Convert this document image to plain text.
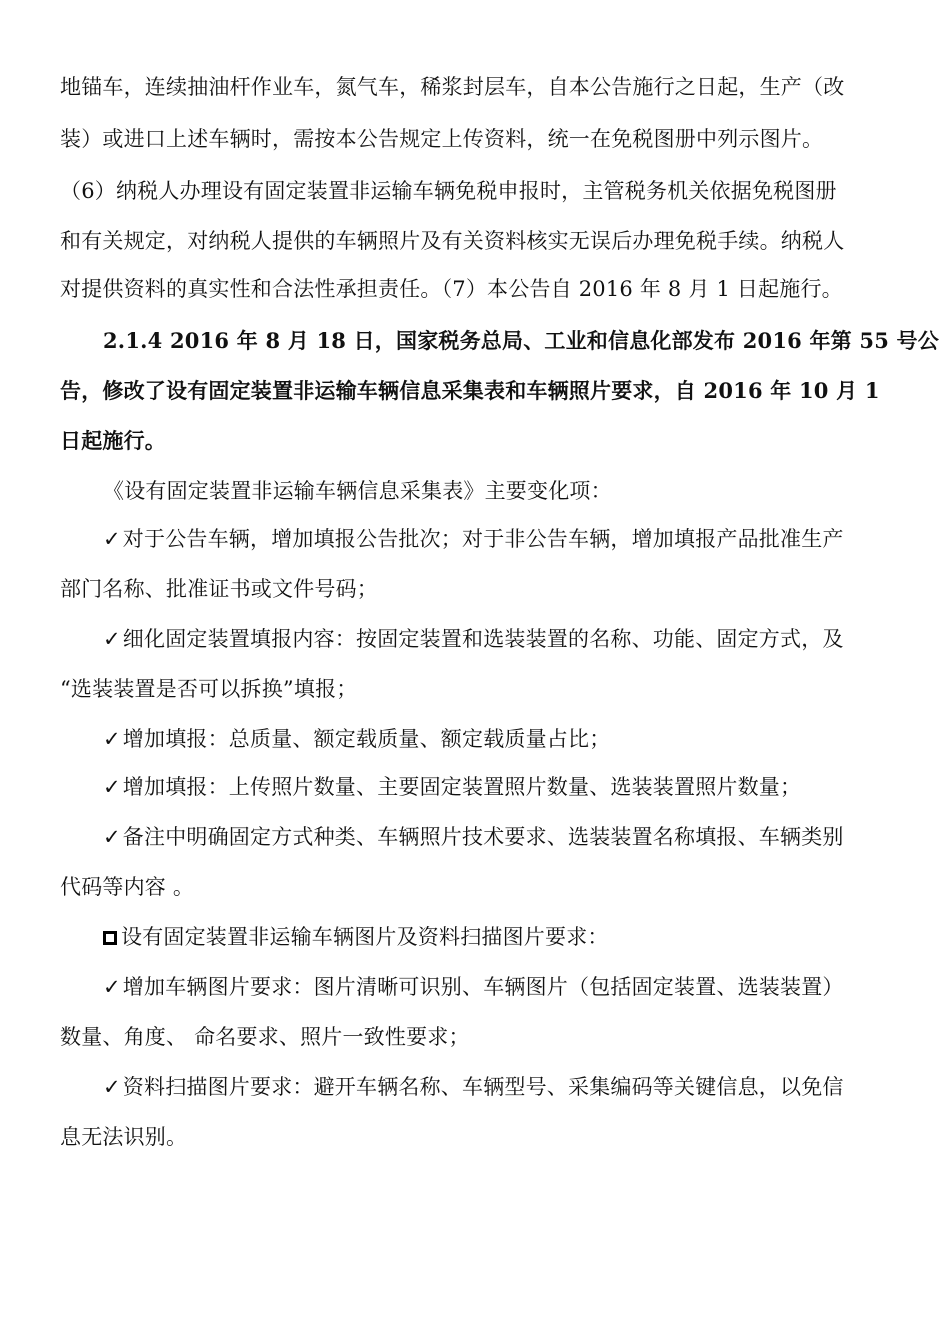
地锚车，连续抽油杆作业车，氮气车，稀浆封层车，自本公告施行之日起，生产（改
装）或进口上述车辆时，需按本公告规定上传资料，统一在免税图册中列示图片。
（6）纳税人办理设有固定装置非运输车辆免税申报时，主管税务机关依据免税图册
和有关规定，对纳税人提供的车辆照片及有关资料核实无误后办理免税手续。纳税人
对提供资料的真实性和合法性承担责任。（7）本公告自 2016 年 8 月 1 日起施行。
2.1.4 2016 年 8 月 18 日，国家税务总局、工业和信息化部发布 2016 年第 55 号公
告，修改了设有固定装置非运输车辆信息采集表和车辆照片要求，自 2016 年 10 月 1
日起施行。
《设有固定装置非运输车辆信息采集表》主要变化项：
✓对于公告车辆，增加填报公告批次；对于非公告车辆，增加填报产品批准生产
部门名称、批准证书或文件号码；
✓细化固定装置填报内容：按固定装置和选装装置的名称、功能、固定方式，及
“选装装置是否可以拆换”填报；
✓增加填报：总质量、额定载质量、额定载质量占比；
✓增加填报：上传照片数量、主要固定装置照片数量、选装装置照片数量；
✓备注中明确固定方式种类、车辆照片技术要求、选装装置名称填报、车辆类别
代码等内容 。
设有固定装置非运输车辆图片及资料扫描图片要求：
✓增加车辆图片要求：图片清晰可识别、车辆图片（包括固定装置、选装装置）
数量、角度、 命名要求、照片一致性要求；
✓资料扫描图片要求：避开车辆名称、车辆型号、采集编码等关键信息，以免信
息无法识别。
